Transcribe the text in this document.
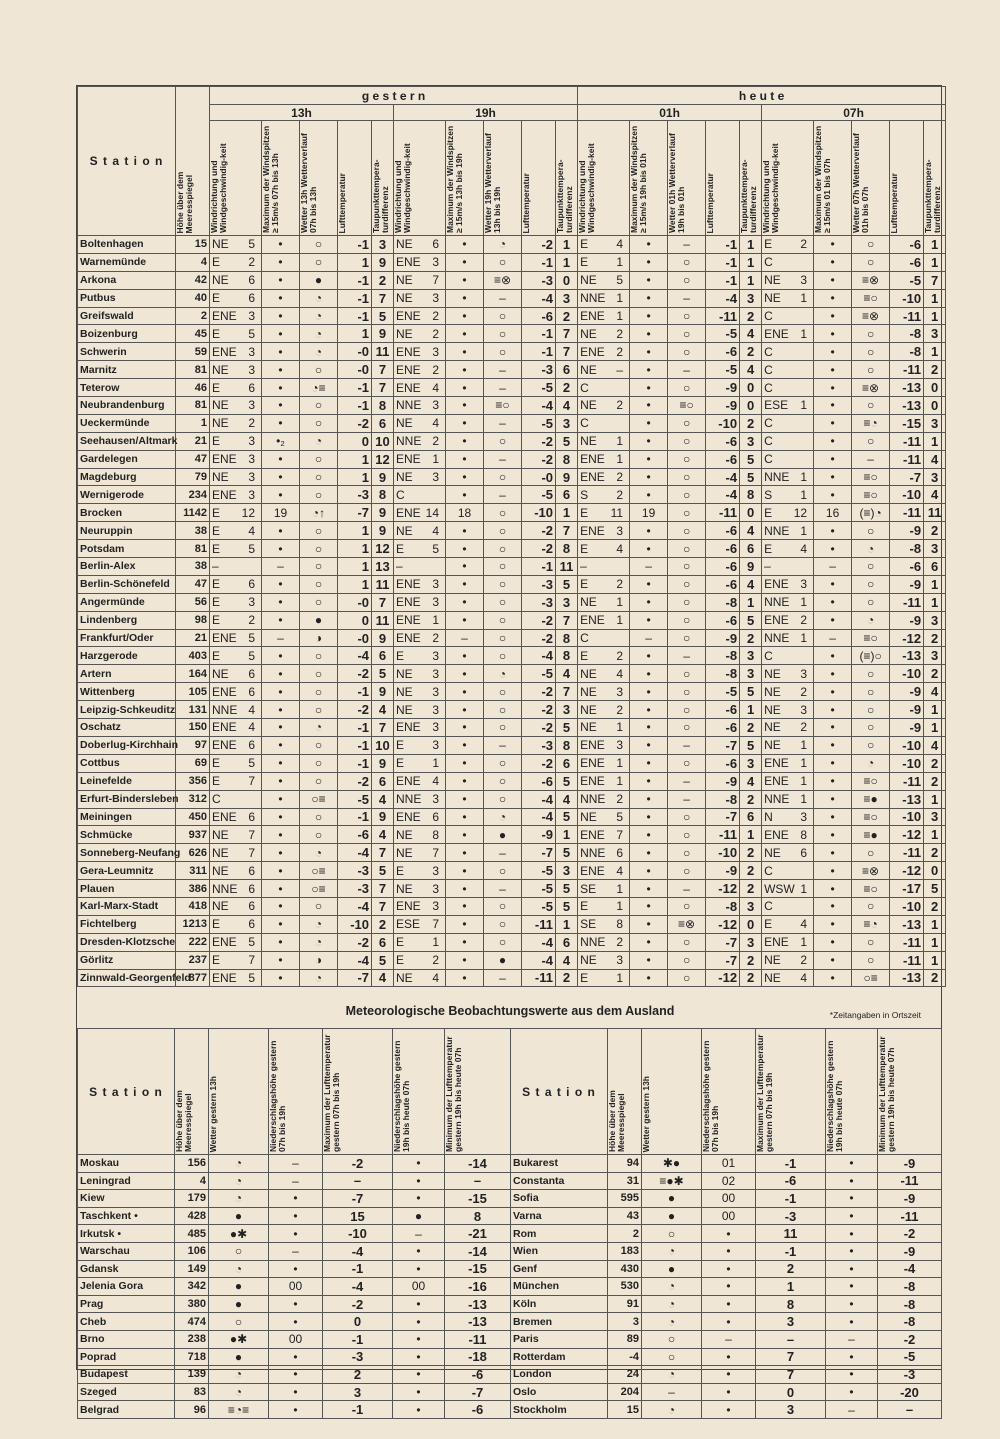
S t a t i o n		g e s t e r n										h e u t e									
		13h					19h					01h					07h				

	Höhe über dem Meeresspiegel	Windrichtung und Windgeschwindig-keit	Maximum der Windspitzen ≥ 15m/s 07h bis 13h	Wetter 13h Wetterverlauf 07h bis 13h	Lufttemperatur	Taupunkttempera-turdifferenz	Windrichtung und Windgeschwindig-keit	Maximum der Windspitzen ≥ 15m/s 13h bis 19h	Wetter 19h Wetterverlauf 13h bis 19h	Lufttemperatur	Taupunkttempera-turdifferenz	Windrichtung und Windgeschwindig-keit	Maximum der Windspitzen ≥ 15m/s 19h bis 01h	Wetter 01h Wetterverlauf 19h bis 01h	Lufttemperatur	Taupunkttempera-turdifferenz	Windrichtung und Windgeschwindig-keit	Maximum der Windspitzen ≥ 15m/s 01 bis 07h	Wetter 07h Wetterverlauf 01h bis 07h	Lufttemperatur	Taupunkttempera-turdifferenz

Boltenhagen	15	NE 5	•	○	-1	3	NE 6	•	◔	-2	1	E 4	•	–	-1	1	E 2	•	○	-6	1
Warnemünde	4	E 2	•	○	1	9	ENE 3	•	○	-1	1	E 1	•	○	-1	1	C	•	○	-6	1
Arkona	42	NE 6	•	●	-1	2	NE 7	•	≡⊗	-3	0	NE 5	•	○	-1	1	NE 3	•	≡⊗	-5	7
Putbus	40	E 6	•	◔	-1	7	NE 3	•	–	-4	3	NNE 1	•	–	-4	3	NE 1	•	≡○	-10	1
Greifswald	2	ENE 3	•	◔	-1	5	ENE 2	•	○	-6	2	ENE 1	•	○	-11	2	C	•	≡⊗	-11	1
Boizenburg	45	E 5	•	◔	1	9	NE 2	•	○	-1	7	NE 2	•	○	-5	4	ENE 1	•	○	-8	3
Schwerin	59	ENE 3	•	◔	-0	11	ENE 3	•	○	-1	7	ENE 2	•	○	-6	2	C	•	○	-8	1
Marnitz	81	NE 3	•	○	-0	7	ENE 2	•	–	-3	6	NE –	•	–	-5	4	C	•	○	-11	2
Teterow	46	E 6	•	◔≡	-1	7	ENE 4	•	–	-5	2	C	•	○	-9	0	C	•	≡⊗	-13	0
Neubrandenburg	81	NE 3	•	○	-1	8	NNE 3	•	≡○	-4	4	NE 2	•	≡○	-9	0	ESE 1	•	○	-13	0
Ueckermünde	1	NE 2	•	○	-2	6	NE 4	•	–	-5	3	C	•	○	-10	2	C	•	≡◔	-15	3
Seehausen/Altmark	21	E 3	•₂	◔	0	10	NNE 2	•	○	-2	5	NE 1	•	○	-6	3	C	•	○	-11	1
Gardelegen	47	ENE 3	•	○	1	12	ENE 1	•	–	-2	8	ENE 1	•	○	-6	5	C	•	–	-11	4
Magdeburg	79	NE 3	•	○	1	9	NE 3	•	○	-0	9	ENE 2	•	○	-4	5	NNE 1	•	≡○	-7	3
Wernigerode	234	ENE 3	•	○	-3	8	C	•	–	-5	6	S 2	•	○	-4	8	S 1	•	≡○	-10	4
Brocken	1142	E 12	19	◔↑	-7	9	ENE 14	18	○	-10	1	E 11	19	○	-11	0	E 12	16	(≡)◔	-11	11
Neuruppin	38	E 4	•	○	1	9	NE 4	•	○	-2	7	ENE 3	•	○	-6	4	NNE 1	•	○	-9	2
Potsdam	81	E 5	•	○	1	12	E 5	•	○	-2	8	E 4	•	○	-6	6	E 4	•	◔	-8	3
Berlin-Alex	38	–	–	○	1	13	–	•	○	-1	11	–	–	○	-6	9	–	–	○	-6	6
Berlin-Schönefeld	47	E 6	•	○	1	11	ENE 3	•	○	-3	5	E 2	•	○	-6	4	ENE 3	•	○	-9	1
Angermünde	56	E 3	•	○	-0	7	ENE 3	•	○	-3	3	NE 1	•	○	-8	1	NNE 1	•	○	-11	1
Lindenberg	98	E 2	•	●	0	11	ENE 1	•	○	-2	7	ENE 1	•	○	-6	5	ENE 2	•	◔	-9	3
Frankfurt/Oder	21	ENE 5	–	◑	-0	9	ENE 2	–	○	-2	8	C	–	○	-9	2	NNE 1	–	≡○	-12	2
Harzgerode	403	E 5	•	○	-4	6	E 3	•	○	-4	8	E 2	•	–	-8	3	C	•	(≡)○	-13	3
Artern	164	NE 6	•	○	-2	5	NE 3	•	◔	-5	4	NE 4	•	○	-8	3	NE 3	•	○	-10	2
Wittenberg	105	ENE 6	•	○	-1	9	NE 3	•	○	-2	7	NE 3	•	○	-5	5	NE 2	•	○	-9	4
Leipzig-Schkeuditz	131	NNE 4	•	○	-2	4	NE 3	•	○	-2	3	NE 2	•	○	-6	1	NE 3	•	○	-9	1
Oschatz	150	ENE 4	•	◔	-1	7	ENE 3	•	○	-2	5	NE 1	•	○	-6	2	NE 2	•	○	-9	1
Doberlug-Kirchhain	97	ENE 6	•	○	-1	10	E 3	•	–	-3	8	ENE 3	•	–	-7	5	NE 1	•	○	-10	4
Cottbus	69	E 5	•	○	-1	9	E 1	•	○	-2	6	ENE 1	•	○	-6	3	ENE 1	•	◔	-10	2
Leinefelde	356	E 7	•	○	-2	6	ENE 4	•	○	-6	5	ENE 1	•	–	-9	4	ENE 1	•	≡○	-11	2
Erfurt-Bindersleben	312	C	•	○≡	-5	4	NNE 3	•	○	-4	4	NNE 2	•	–	-8	2	NNE 1	•	≡●	-13	1
Meiningen	450	ENE 6	•	○	-1	9	ENE 6	•	◔	-4	5	NE 5	•	○	-7	6	N 3	•	≡○	-10	3
Schmücke	937	NE 7	•	○	-6	4	NE 8	•	●	-9	1	ENE 7	•	○	-11	1	ENE 8	•	≡●	-12	1
Sonneberg-Neufang	626	NE 7	•	◔	-4	7	NE 7	•	–	-7	5	NNE 6	•	○	-10	2	NE 6	•	○	-11	2
Gera-Leumnitz	311	NE 6	•	○≡	-3	5	E 3	•	○	-5	3	ENE 4	•	○	-9	2	C	•	≡⊗	-12	0
Plauen	386	NNE 6	•	○≡	-3	7	NE 3	•	–	-5	5	SE 1	•	–	-12	2	WSW 1	•	≡○	-17	5
Karl-Marx-Stadt	418	NE 6	•	○	-4	7	ENE 3	•	○	-5	5	E 1	•	○	-8	3	C	•	○	-10	2
Fichtelberg	1213	E 6	•	◔	-10	2	ESE 7	•	○	-11	1	SE 8	•	≡⊗	-12	0	E 4	•	≡◔	-13	1
Dresden-Klotzsche	222	ENE 5	•	◔	-2	6	E 1	•	○	-4	6	NNE 2	•	○	-7	3	ENE 1	•	○	-11	1
Görlitz	237	E 7	•	◑	-4	5	E 2	•	●	-4	4	NE 3	•	○	-7	2	NE 2	•	○	-11	1
Zinnwald-Georgenfeld	877	ENE 5	•	◔	-7	4	NE 4	•	–	-11	2	E 1	•	○	-12	2	NE 4	•	○≡	-13	2
Meteorologische Beobachtungswerte aus dem Ausland	*Zeitangaben in Ortszeit
S t a t i o n	Höhe über dem Meeresspiegel	Wetter gestern 13h	Niederschlagshöhe gestern 07h bis 19h	Maximum der Lufttemperatur gestern 07h bis 19h	Niederschlagshöhe gestern 19h bis heute 07h	Minimum der Lufttemperatur gestern 19h bis heute 07h	S t a t i o n	Höhe über dem Meeresspiegel	Wetter gestern 13h	Niederschlagshöhe gestern 07h bis 19h	Maximum der Lufttemperatur gestern 07h bis 19h	Niederschlagshöhe gestern 19h bis heute 07h	Minimum der Lufttemperatur gestern 19h bis heute 07h

Moskau	156	◔	–	-2	•	-14	Bukarest	94	✱●	01	-1	•	-9
Leningrad	4	◔	–	–	•	–	Constanta	31	≡●✱	02	-6	•	-11
Kiew	179	◔	•	-7	•	-15	Sofia	595	●	00	-1	•	-9
Taschkent •	428	●	•	15	●	8	Varna	43	●	00	-3	•	-11
Irkutsk •	485	●✱	•	-10	–	-21	Rom	2	○	•	11	•	-2
Warschau	106	○	–	-4	•	-14	Wien	183	◔	•	-1	•	-9
Gdansk	149	◔	•	-1	•	-15	Genf	430	●	•	2	•	-4
Jelenia Gora	342	●	00	-4	00	-16	München	530	◔	•	1	•	-8
Prag	380	●	•	-2	•	-13	Köln	91	◔	•	8	•	-8
Cheb	474	○	•	0	•	-13	Bremen	3	◔	•	3	•	-8
Brno	238	●✱	00	-1	•	-11	Paris	89	○	–	–	–	-2
Poprad	718	●	•	-3	•	-18	Rotterdam	-4	○	•	7	•	-5
Budapest	139	◔	•	2	•	-6	London	24	◔	•	7	•	-3
Szeged	83	◔	•	3	•	-7	Oslo	204	–	•	0	•	-20
Belgrad	96	≡◔≡	•	-1	•	-6	Stockholm	15	◔	•	3	–	–
